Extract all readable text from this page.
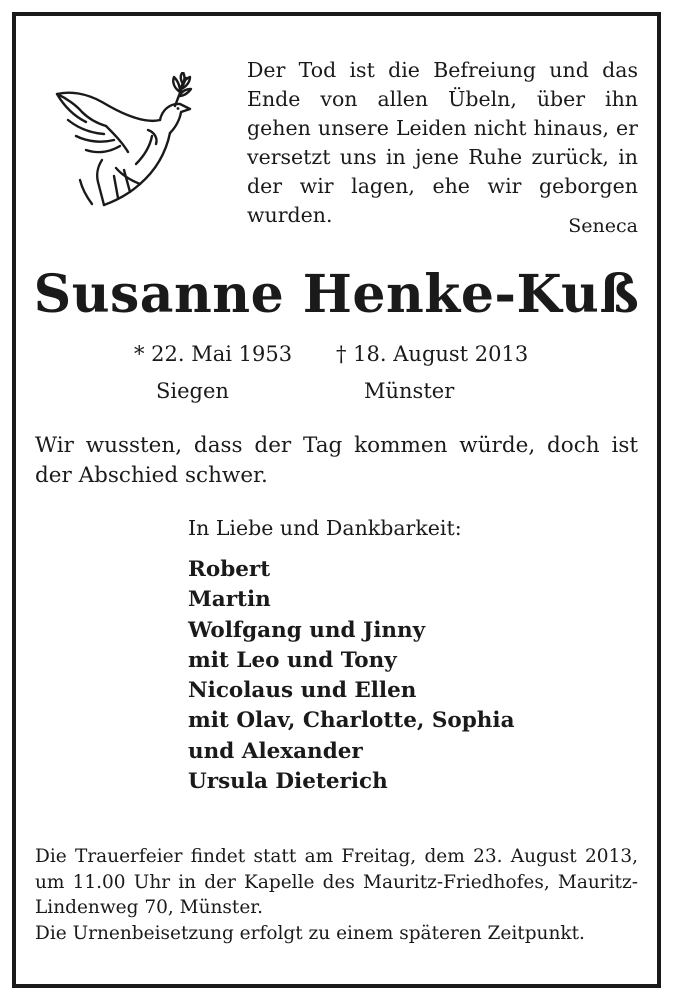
Der Tod ist die Befreiung und das Ende von allen Übeln, über ihn gehen unsere Leiden nicht hinaus, er versetzt uns in jene Ruhe zurück, in der wir lagen, ehe wir geborgen wurden.	Seneca
Susanne Henke-Kuß
* 22. Mai 1953 † 18. August 2013
Siegen	Münster
Wir wussten, dass der Tag kommen würde, doch ist der Abschied schwer.
In Liebe und Dankbarkeit:
Robert
Martin
Wolfgang und Jinny
mit Leo und Tony
Nicolaus und Ellen
mit Olav, Charlotte, Sophia
und Alexander
Ursula Dieterich
Die Trauerfeier findet statt am Freitag, dem 23. August 2013, um 11.00 Uhr in der Kapelle des Mauritz-Friedhofes, Mauritz-Lindenweg 70, Münster.
Die Urnenbeisetzung erfolgt zu einem späteren Zeitpunkt.
